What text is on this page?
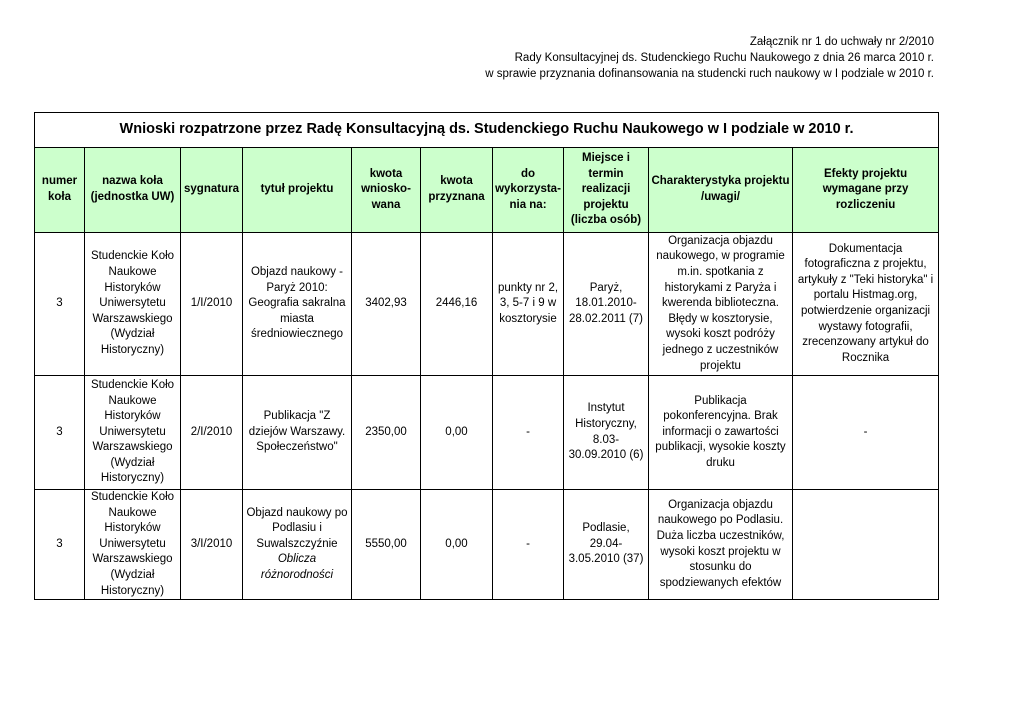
Załącznik nr 1 do uchwały nr 2/2010
Rady Konsultacyjnej ds. Studenckiego Ruchu Naukowego z dnia 26 marca 2010 r.
w sprawie przyznania dofinansowania na studencki ruch naukowy w I podziale w 2010 r.
Wnioski rozpatrzone przez Radę Konsultacyjną ds. Studenckiego Ruchu Naukowego w I podziale w 2010 r.									
numer koła	nazwa koła (jednostka UW)	sygnatura	tytuł projektu	kwota wniosko-wana	kwota przyznana	do wykorzysta-nia na:	Miejsce i termin realizacji projektu (liczba osób)	Charakterystyka projektu /uwagi/	Efekty projektu wymagane przy rozliczeniu
3	Studenckie Koło Naukowe Historyków Uniwersytetu Warszawskiego (Wydział Historyczny)	1/I/2010	Objazd naukowy - Paryż 2010: Geografia sakralna miasta średniowiecznego	3402,93	2446,16	punkty nr 2, 3, 5-7 i 9 w kosztorysie	Paryż, 18.01.2010-28.02.2011 (7)	Organizacja objazdu naukowego, w programie m.in. spotkania z historykami z Paryża i kwerenda biblioteczna. Błędy w kosztorysie, wysoki koszt podróży jednego z uczestników projektu	Dokumentacja fotograficzna z projektu, artykuły z "Teki historyka" i portalu Histmag.org, potwierdzenie organizacji wystawy fotografii, zrecenzowany artykuł do Rocznika
3	Studenckie Koło Naukowe Historyków Uniwersytetu Warszawskiego (Wydział Historyczny)	2/I/2010	Publikacja "Z dziejów Warszawy. Społeczeństwo"	2350,00	0,00	-	Instytut Historyczny, 8.03-30.09.2010 (6)	Publikacja pokonferencyjna. Brak informacji o zawartości publikacji, wysokie koszty druku	-
3	Studenckie Koło Naukowe Historyków Uniwersytetu Warszawskiego (Wydział Historyczny)	3/I/2010	Objazd naukowy po Podlasiu i Suwalszczyźnie Oblicza różnorodności	5550,00	0,00	-	Podlasie, 29.04-3.05.2010 (37)	Organizacja objazdu naukowego po Podlasiu. Duża liczba uczestników, wysoki koszt projektu w stosunku do spodziewanych efektów	
